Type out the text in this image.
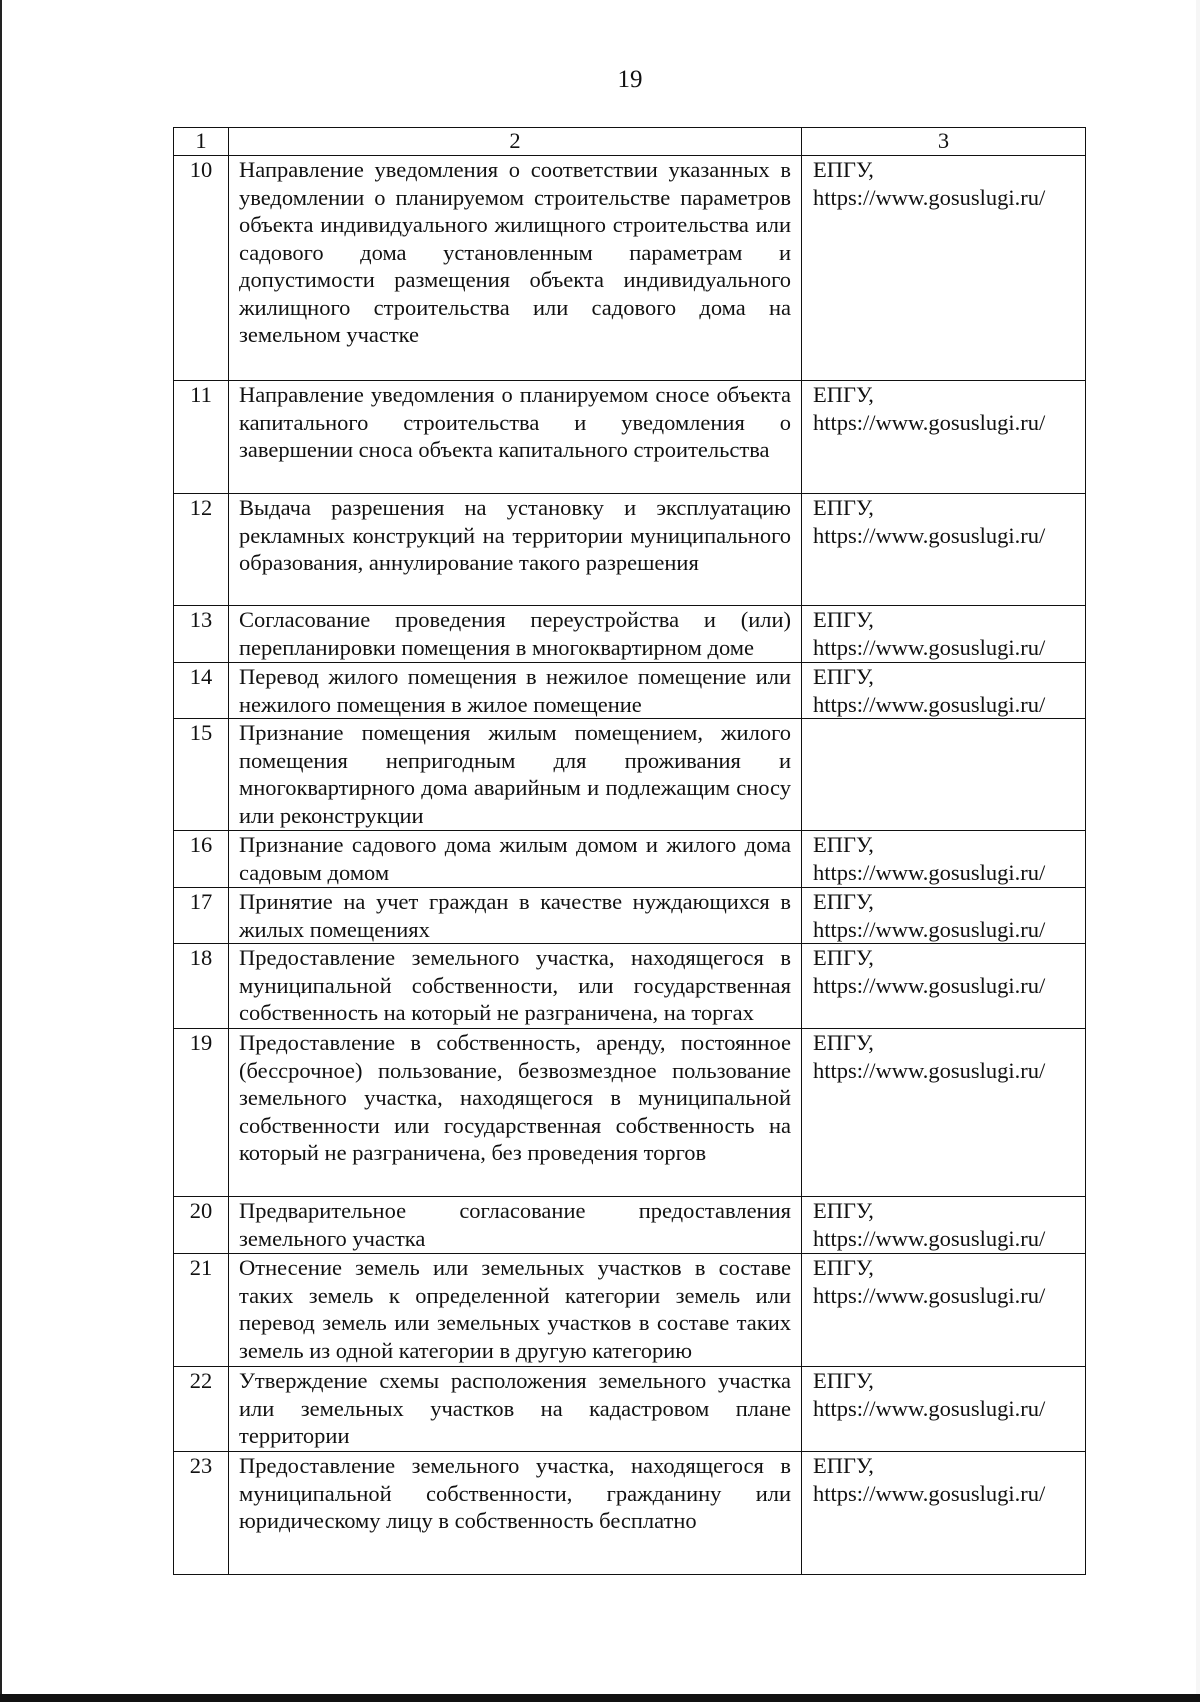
19
1	2	3
10	Направление уведомления о соответствии указанных в уведомлении о планируемом строительстве параметров объекта индивидуального жилищного строительства или садового дома установленным параметрам и допустимости размещения объекта индивидуального жилищного строительства или садового дома на земельном участке	ЕПГУ,
https://www.gosuslugi.ru/

11	Направление уведомления о планируемом сносе объекта капитального строительства и уведомления о завершении сноса объекта капитального строительства	ЕПГУ,
https://www.gosuslugi.ru/

12	Выдача разрешения на установку и эксплуатацию рекламных конструкций на территории муниципального образования, аннулирование такого разрешения	ЕПГУ,
https://www.gosuslugi.ru/

13	Согласование проведения переустройства и (или) перепланировки помещения в многоквартирном доме	ЕПГУ,
https://www.gosuslugi.ru/

14	Перевод жилого помещения в нежилое помещение или нежилого помещения в жилое помещение	ЕПГУ,
https://www.gosuslugi.ru/

15	Признание помещения жилым помещением, жилого помещения непригодным для проживания и многоквартирного дома аварийным и подлежащим сносу или реконструкции	

16	Признание садового дома жилым домом и жилого дома садовым домом	ЕПГУ,
https://www.gosuslugi.ru/

17	Принятие на учет граждан в качестве нуждающихся в жилых помещениях	ЕПГУ,
https://www.gosuslugi.ru/

18	Предоставление земельного участка, находящегося в муниципальной собственности, или государственная собственность на который не разграничена, на торгах	ЕПГУ,
https://www.gosuslugi.ru/

19	Предоставление в собственность, аренду, постоянное (бессрочное) пользование, безвозмездное пользование земельного участка, находящегося в муниципальной собственности или государственная собственность на который не разграничена, без проведения торгов	ЕПГУ,
https://www.gosuslugi.ru/

20	Предварительное согласование предоставления земельного участка	ЕПГУ,
https://www.gosuslugi.ru/

21	Отнесение земель или земельных участков в составе таких земель к определенной категории земель или перевод земель или земельных участков в составе таких земель из одной категории в другую категорию	ЕПГУ,
https://www.gosuslugi.ru/

22	Утверждение схемы расположения земельного участка или земельных участков на кадастровом плане территории	ЕПГУ,
https://www.gosuslugi.ru/

23	Предоставление земельного участка, находящегося в муниципальной собственности, гражданину или юридическому лицу в собственность бесплатно	ЕПГУ,
https://www.gosuslugi.ru/
